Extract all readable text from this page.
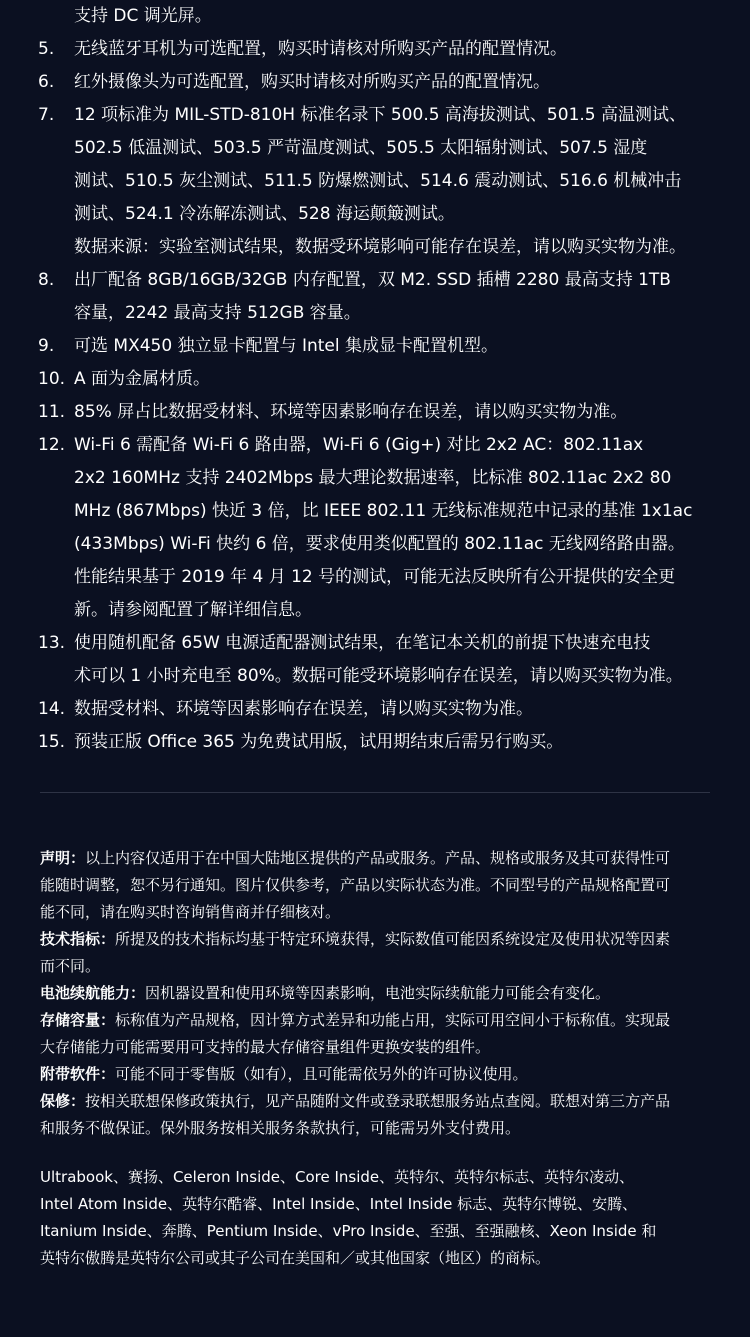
支持 DC 调光屏。
5.	无线蓝牙耳机为可选配置，购买时请核对所购买产品的配置情况。
6.	红外摄像头为可选配置，购买时请核对所购买产品的配置情况。
7.	12 项标准为 MIL-STD-810H 标准名录下 500.5 高海拔测试、501.5 高温测试、
502.5 低温测试、503.5 严苛温度测试、505.5 太阳辐射测试、507.5 湿度
测试、510.5 灰尘测试、511.5 防爆燃测试、514.6 震动测试、516.6 机械冲击
测试、524.1 冷冻解冻测试、528 海运颠簸测试。
数据来源：实验室测试结果，数据受环境影响可能存在误差，请以购买实物为准。
8.	出厂配备 8GB/16GB/32GB 内存配置，双 M2. SSD 插槽 2280 最高支持 1TB
容量，2242 最高支持 512GB 容量。
9.	可选 MX450 独立显卡配置与 Intel 集成显卡配置机型。
10. A 面为金属材质。
11. 85% 屏占比数据受材料、环境等因素影响存在误差，请以购买实物为准。
12. Wi-Fi 6 需配备 Wi-Fi 6 路由器，Wi-Fi 6 (Gig+) 对比 2x2 AC：802.11ax
2x2 160MHz 支持 2402Mbps 最大理论数据速率，比标准 802.11ac 2x2 80
MHz (867Mbps) 快近 3 倍，比 IEEE 802.11 无线标准规范中记录的基准 1x1ac
(433Mbps) Wi-Fi 快约 6 倍，要求使用类似配置的 802.11ac 无线网络路由器。
性能结果基于 2019 年 4 月 12 号的测试，可能无法反映所有公开提供的安全更
新。请参阅配置了解详细信息。
13. 使用随机配备 65W 电源适配器测试结果，在笔记本关机的前提下快速充电技
术可以 1 小时充电至 80%。数据可能受环境影响存在误差，请以购买实物为准。
14. 数据受材料、环境等因素影响存在误差，请以购买实物为准。
15. 预装正版 Office 365 为免费试用版，试用期结束后需另行购买。
声明：以上内容仅适用于在中国大陆地区提供的产品或服务。产品、规格或服务及其可获得性可
能随时调整，恕不另行通知。图片仅供参考，产品以实际状态为准。不同型号的产品规格配置可
能不同，请在购买时咨询销售商并仔细核对。
技术指标：所提及的技术指标均基于特定环境获得，实际数值可能因系统设定及使用状况等因素
而不同。
电池续航能力：因机器设置和使用环境等因素影响，电池实际续航能力可能会有变化。
存储容量：标称值为产品规格，因计算方式差异和功能占用，实际可用空间小于标称值。实现最
大存储能力可能需要用可支持的最大存储容量组件更换安装的组件。
附带软件：可能不同于零售版（如有），且可能需依另外的许可协议使用。
保修：按相关联想保修政策执行，见产品随附文件或登录联想服务站点查阅。联想对第三方产品
和服务不做保证。保外服务按相关服务条款执行，可能需另外支付费用。
Ultrabook、赛扬、Celeron Inside、Core Inside、英特尔、英特尔标志、英特尔凌动、
Intel Atom Inside、英特尔酷睿、Intel Inside、Intel Inside 标志、英特尔博锐、安腾、
Itanium Inside、奔腾、Pentium Inside、vPro Inside、至强、至强融核、Xeon Inside 和
英特尔傲腾是英特尔公司或其子公司在美国和／或其他国家（地区）的商标。
